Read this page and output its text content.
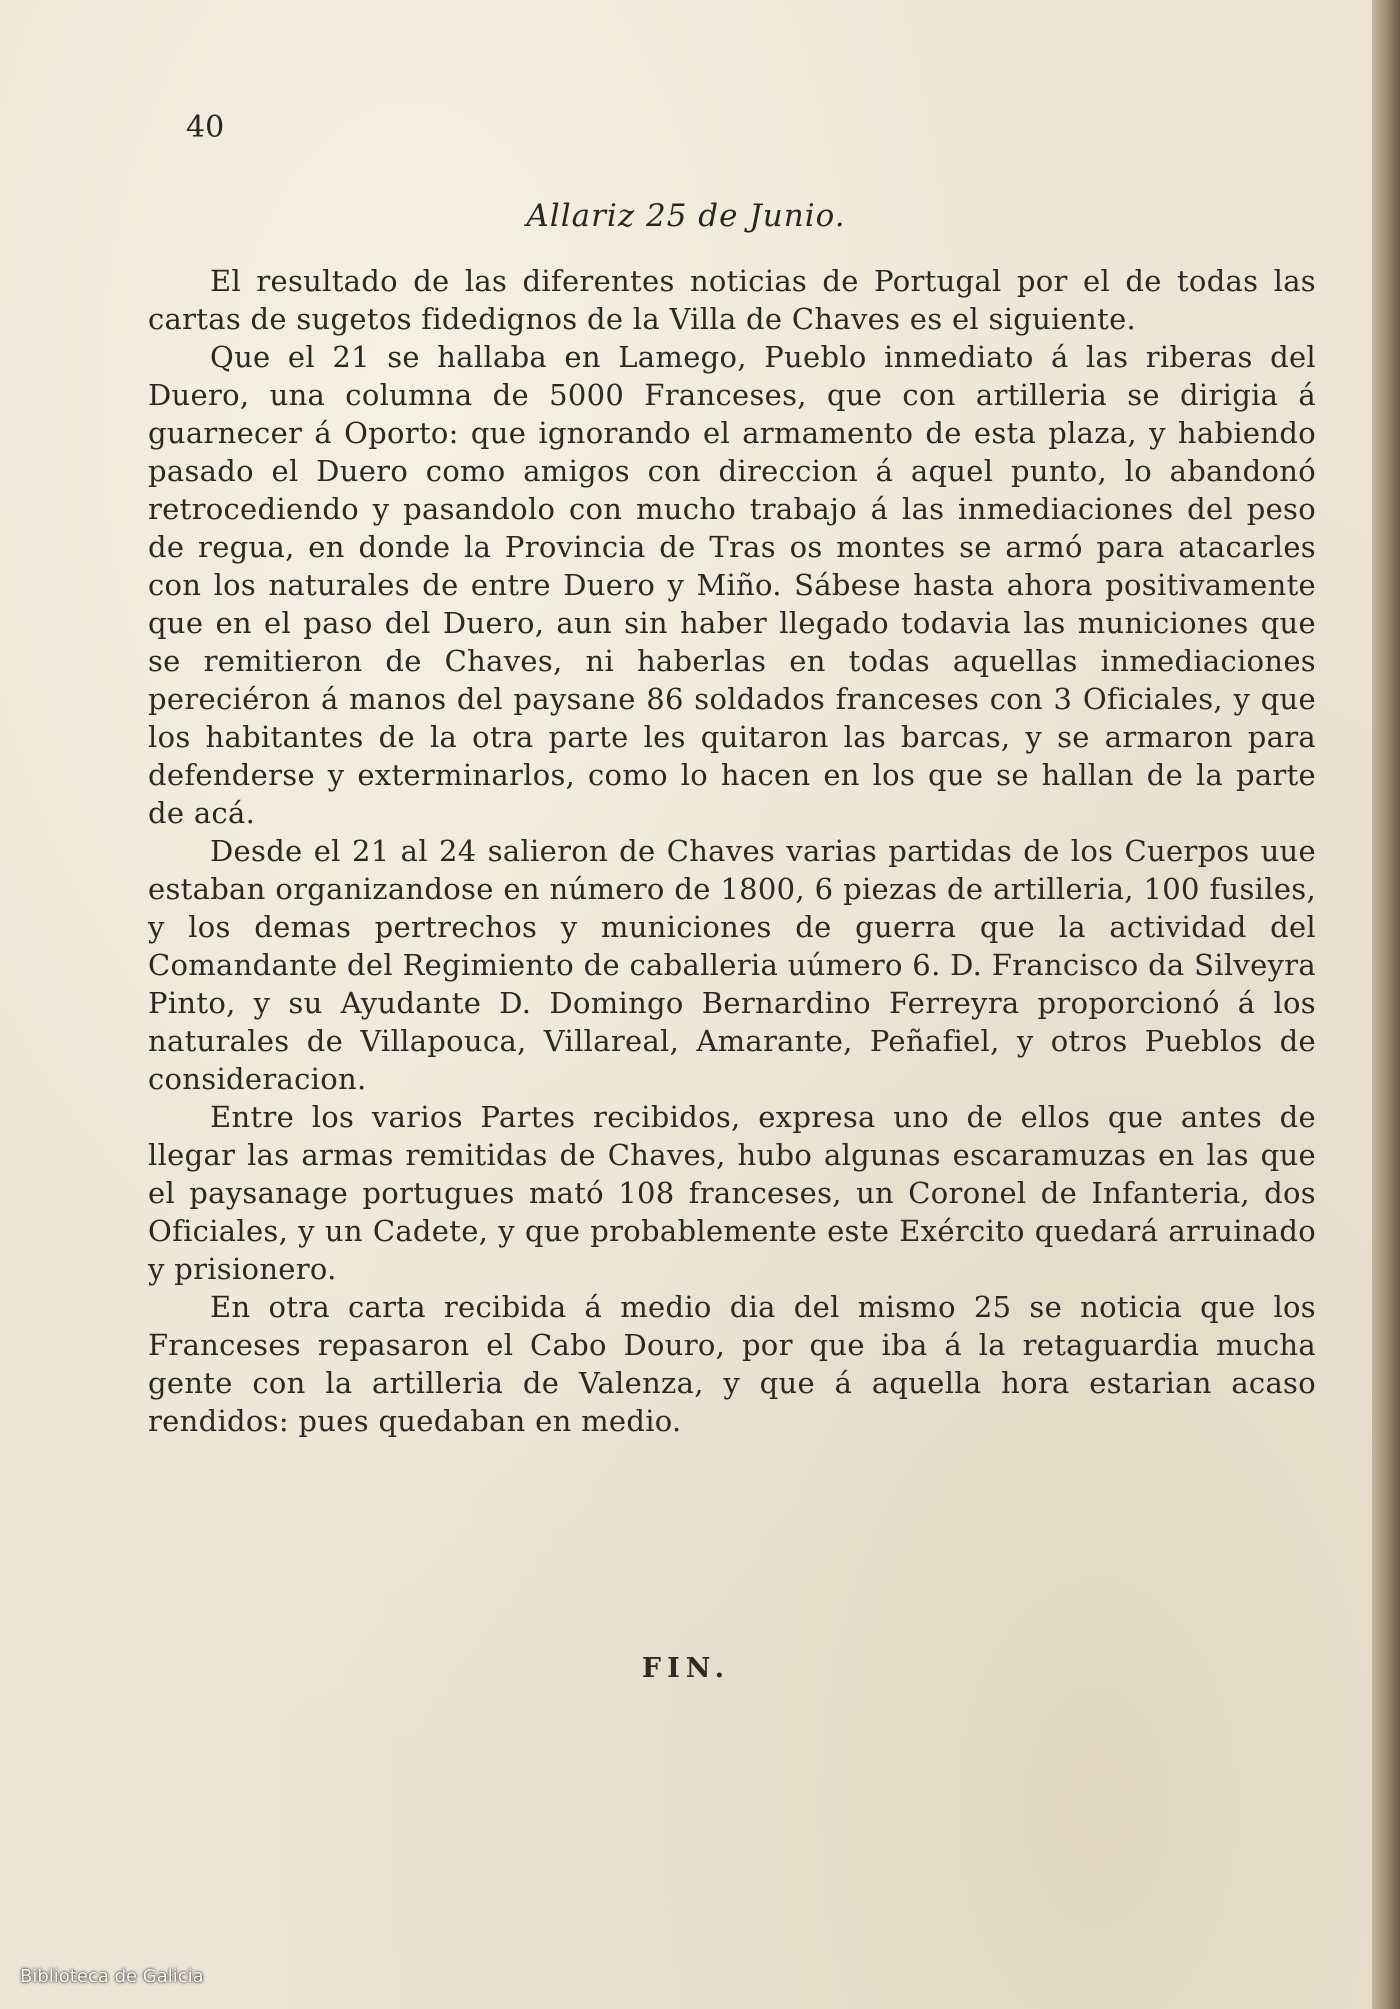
40
Allariz 25 de Junio.

El resultado de las diferentes noticias de Portugal por el de todas las cartas de sugetos fidedignos de la Villa de Chaves es el siguiente.

Que el 21 se hallaba en Lamego, Pueblo inmediato á las riberas del Duero, una columna de 5000 Franceses, que con artilleria se dirigia á guarnecer á Oporto: que ignorando el armamento de esta plaza, y habiendo pasado el Duero como amigos con direccion á aquel punto, lo abandonó retrocediendo y pasandolo con mucho trabajo á las inmediaciones del peso de regua, en donde la Provincia de Tras os montes se armó para atacarles con los naturales de entre Duero y Miño. Sábese hasta ahora positivamente que en el paso del Duero, aun sin haber llegado todavia las municiones que se remitieron de Chaves, ni haberlas en todas aquellas inmediaciones pereciéron á manos del paysane 86 soldados franceses con 3 Oficiales, y que los habitantes de la otra parte les quitaron las barcas, y se armaron para defenderse y exterminarlos, como lo hacen en los que se hallan de la parte de acá.

Desde el 21 al 24 salieron de Chaves varias partidas de los Cuerpos uue estaban organizandose en número de 1800, 6 piezas de artilleria, 100 fusiles, y los demas pertrechos y municiones de guerra que la actividad del Comandante del Regimiento de caballeria uúmero 6. D. Francisco da Silveyra Pinto, y su Ayudante D. Domingo Bernardino Ferreyra proporcionó á los naturales de Villapouca, Villareal, Amarante, Peñafiel, y otros Pueblos de consideracion.

Entre los varios Partes recibidos, expresa uno de ellos que antes de llegar las armas remitidas de Chaves, hubo algunas escaramuzas en las que el paysanage portugues mató 108 franceses, un Coronel de Infanteria, dos Oficiales, y un Cadete, y que probablemente este Exército quedará arruinado y prisionero.

En otra carta recibida á medio dia del mismo 25 se noticia que los Franceses repasaron el Cabo Douro, por que iba á la retaguardia mucha gente con la artilleria de Valenza, y que á aquella hora estarian acaso rendidos: pues quedaban en medio.

FIN.
Biblioteca de Galicia
